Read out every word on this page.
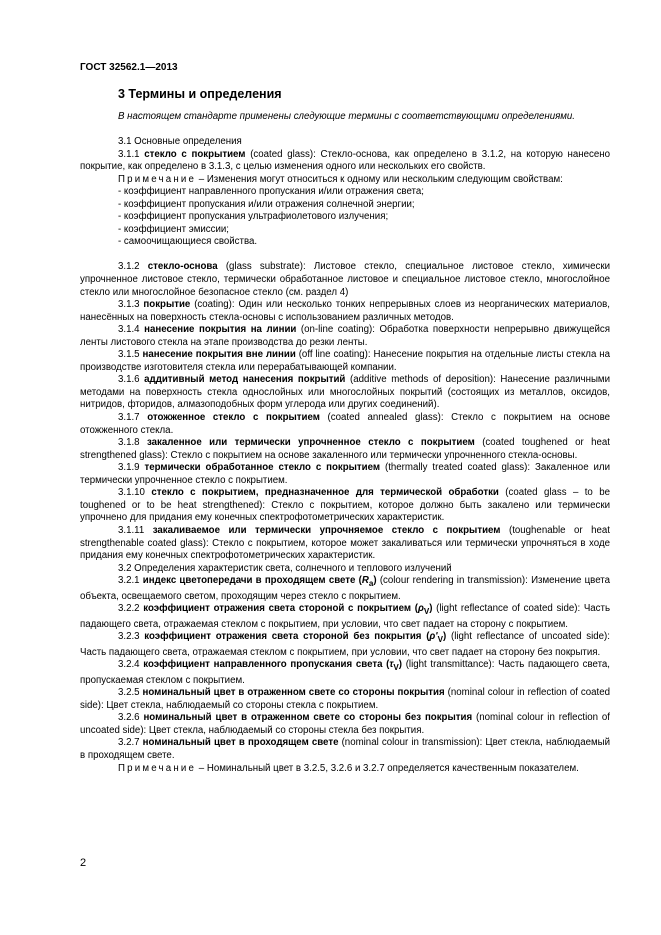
ГОСТ 32562.1—2013
3 Термины и определения

В настоящем стандарте применены следующие термины с соответствующими определениями.

3.1 Основные определения

3.1.1 стекло с покрытием (coated glass): Стекло-основа, как определено в 3.1.2, на которую нанесено покрытие, как определено в 3.1.3, с целью изменения одного или нескольких его свойств.

Примечание – Изменения могут относиться к одному или нескольким следующим свойствам:

- коэффициент направленного пропускания и/или отражения света;

- коэффициент пропускания и/или отражения солнечной энергии;

- коэффициент пропускания ультрафиолетового излучения;

- коэффициент эмиссии;

- самоочищающиеся свойства.

3.1.2 стекло-основа (glass substrate): Листовое стекло, специальное листовое стекло, химически упрочненное листовое стекло, термически обработанное листовое и специальное листовое стекло, многослойное стекло или многослойное безопасное стекло (см. раздел 4)

3.1.3 покрытие (coating): Один или несколько тонких непрерывных слоев из неорганических материалов, нанесённых на поверхность стекла-основы с использованием различных методов.

3.1.4 нанесение покрытия на линии (on-line coating): Обработка поверхности непрерывно движущейся ленты листового стекла на этапе производства до резки ленты.

3.1.5 нанесение покрытия вне линии (off line coating): Нанесение покрытия на отдельные листы стекла на производстве изготовителя стекла или перерабатывающей компании.

3.1.6 аддитивный метод нанесения покрытий (additive methods of deposition): Нанесение различными методами на поверхность стекла однослойных или многослойных покрытий (состоящих из металлов, оксидов, нитридов, фторидов, алмазоподобных форм углерода или других соединений).

3.1.7 отожженное стекло с покрытием (coated annealed glass): Стекло с покрытием на основе отожженного стекла.

3.1.8 закаленное или термически упрочненное стекло с покрытием (coated toughened or heat strengthened glass): Стекло с покрытием на основе закаленного или термически упрочненного стекла-основы.

3.1.9 термически обработанное стекло с покрытием (thermally treated coated glass): Закаленное или термически упрочненное стекло с покрытием.

3.1.10 стекло с покрытием, предназначенное для термической обработки (coated glass – to be toughened or to be heat strengthened): Стекло с покрытием, которое должно быть закалено или термически упрочнено для придания ему конечных спектрофотометрических характеристик.

3.1.11 закаливаемое или термически упрочняемое стекло с покрытием (toughenable or heat strengthenable coated glass): Стекло с покрытием, которое может закаливаться или термически упрочняться в ходе придания ему конечных спектрофотометрических характеристик.

3.2 Определения характеристик света, солнечного и теплового излучений

3.2.1 индекс цветопередачи в проходящем свете $(R_a)$ (colour rendering in transmission): Изменение цвета объекта, освещаемого светом, проходящим через стекло с покрытием.

3.2.2 коэффициент отражения света стороной с покрытием $(\rho_V)$ (light reflectance of coated side): Часть падающего света, отражаемая стеклом с покрытием, при условии, что свет падает на сторону с покрытием.

3.2.3 коэффициент отражения света стороной без покрытия $(\rho'_V)$ (light reflectance of uncoated side): Часть падающего света, отражаемая стеклом с покрытием, при условии, что свет падает на сторону без покрытия.

3.2.4 коэффициент направленного пропускания света $(\tau_V)$ (light transmittance): Часть падающего света, пропускаемая стеклом с покрытием.

3.2.5 номинальный цвет в отраженном свете со стороны покрытия (nominal colour in reflection of coated side): Цвет стекла, наблюдаемый со стороны стекла с покрытием.

3.2.6 номинальный цвет в отраженном свете со стороны без покрытия (nominal colour in reflection of uncoated side): Цвет стекла, наблюдаемый со стороны стекла без покрытия.

3.2.7 номинальный цвет в проходящем свете (nominal colour in transmission): Цвет стекла, наблюдаемый в проходящем свете.

Примечание – Номинальный цвет в 3.2.5, 3.2.6 и 3.2.7 определяется качественным показателем.

2
